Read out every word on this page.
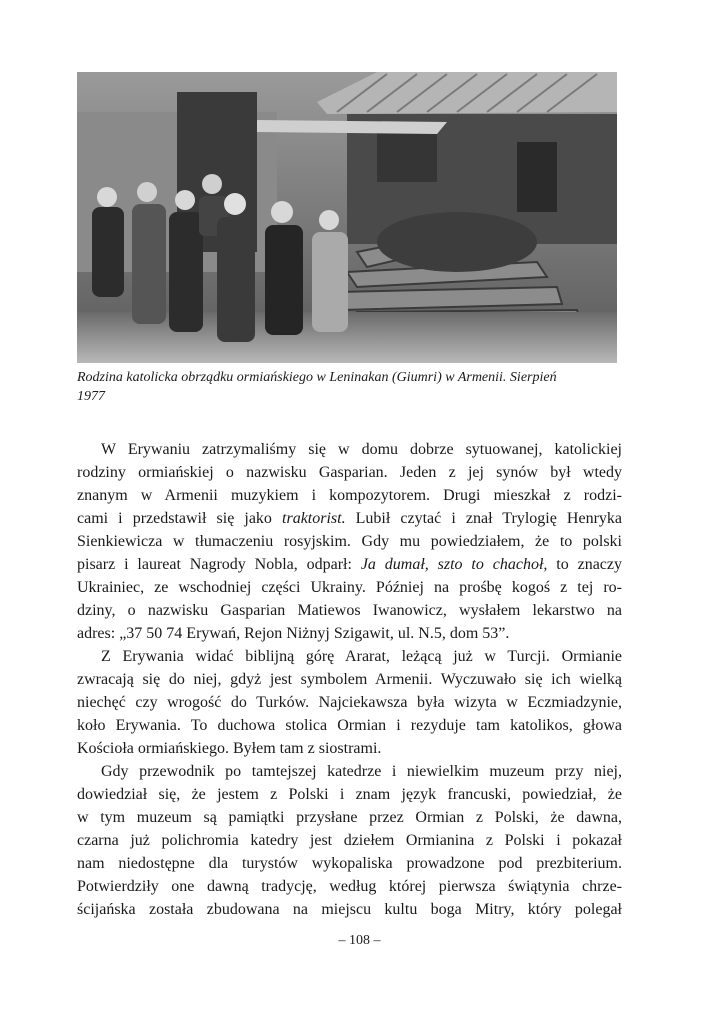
Rodzina katolicka obrządku ormiańskiego w Leninakan (Giumri) w Armenii. Sierpień
1977
W Erywaniu zatrzymaliśmy się w domu dobrze sytuowanej, katolickiej
rodziny ormiańskiej o nazwisku Gasparian. Jeden z jej synów był wtedy
znanym w Armenii muzykiem i kompozytorem. Drugi mieszkał z rodzi-
cami i przedstawił się jako traktorist. Lubił czytać i znał Trylogię Henryka
Sienkiewicza w tłumaczeniu rosyjskim. Gdy mu powiedziałem, że to polski
pisarz i laureat Nagrody Nobla, odparł: Ja dumał, szto to chachoł, to znaczy
Ukrainiec, ze wschodniej części Ukrainy. Później na prośbę kogoś z tej ro-
dziny, o nazwisku Gasparian Matiewos Iwanowicz, wysłałem lekarstwo na
adres: „37 50 74 Erywań, Rejon Niżnyj Szigawit, ul. N.5, dom 53”.
Z Erywania widać biblijną górę Ararat, leżącą już w Turcji. Ormianie
zwracają się do niej, gdyż jest symbolem Armenii. Wyczuwało się ich wielką
niechęć czy wrogość do Turków. Najciekawsza była wizyta w Eczmiadzynie,
koło Erywania. To duchowa stolica Ormian i rezyduje tam katolikos, głowa
Kościoła ormiańskiego. Byłem tam z siostrami.
Gdy przewodnik po tamtejszej katedrze i niewielkim muzeum przy niej,
dowiedział się, że jestem z Polski i znam język francuski, powiedział, że
w tym muzeum są pamiątki przysłane przez Ormian z Polski, że dawna,
czarna już polichromia katedry jest dziełem Ormianina z Polski i pokazał
nam niedostępne dla turystów wykopaliska prowadzone pod prezbiterium.
Potwierdziły one dawną tradycję, według której pierwsza świątynia chrze-
ścijańska została zbudowana na miejscu kultu boga Mitry, który polegał
– 108 –
